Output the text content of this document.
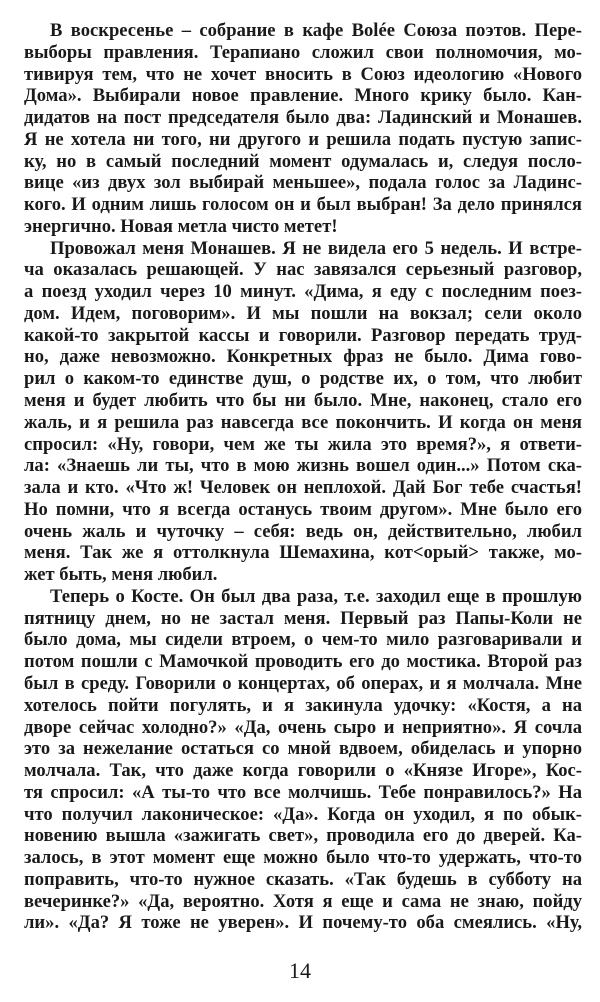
В воскресенье – собрание в кафе Bolée Союза поэтов. Пере-
выборы правления. Терапиано сложил свои полномочия, мо-
тивируя тем, что не хочет вносить в Союз идеологию «Нового
Дома». Выбирали новое правление. Много крику было. Кан-
дидатов на пост председателя было два: Ладинский и Монашев.
Я не хотела ни того, ни другого и решила подать пустую запис-
ку, но в самый последний момент одумалась и, следуя посло-
вице «из двух зол выбирай меньшее», подала голос за Ладинс-
кого. И одним лишь голосом он и был выбран! За дело принялся
энергично. Новая метла чисто метет!
Провожал меня Монашев. Я не видела его 5 недель. И встре-
ча оказалась решающей. У нас завязался серьезный разговор,
а поезд уходил через 10 минут. «Дима, я еду с последним поез-
дом. Идем, поговорим». И мы пошли на вокзал; сели около
какой-то закрытой кассы и говорили. Разговор передать труд-
но, даже невозможно. Конкретных фраз не было. Дима гово-
рил о каком-то единстве душ, о родстве их, о том, что любит
меня и будет любить что бы ни было. Мне, наконец, стало его
жаль, и я решила раз навсегда все покончить. И когда он меня
спросил: «Ну, говори, чем же ты жила это время?», я ответи-
ла: «Знаешь ли ты, что в мою жизнь вошел один...» Потом ска-
зала и кто. «Что ж! Человек он неплохой. Дай Бог тебе счастья!
Но помни, что я всегда останусь твоим другом». Мне было его
очень жаль и чуточку – себя: ведь он, действительно, любил
меня. Так же я оттолкнула Шемахина, кот<орый> также, мо-
жет быть, меня любил.
Теперь о Косте. Он был два раза, т.е. заходил еще в прошлую
пятницу днем, но не застал меня. Первый раз Папы-Коли не
было дома, мы сидели втроем, о чем-то мило разговаривали и
потом пошли с Мамочкой проводить его до мостика. Второй раз
был в среду. Говорили о концертах, об операх, и я молчала. Мне
хотелось пойти погулять, и я закинула удочку: «Костя, а на
дворе сейчас холодно?» «Да, очень сыро и неприятно». Я сочла
это за нежелание остаться со мной вдвоем, обиделась и упорно
молчала. Так, что даже когда говорили о «Князе Игоре», Кос-
тя спросил: «А ты-то что все молчишь. Тебе понравилось?» На
что получил лаконическое: «Да». Когда он уходил, я по обык-
новению вышла «зажигать свет», проводила его до дверей. Ка-
залось, в этот момент еще можно было что-то удержать, что-то
поправить, что-то нужное сказать. «Так будешь в субботу на
вечеринке?» «Да, вероятно. Хотя я еще и сама не знаю, пойду
ли». «Да? Я тоже не уверен». И почему-то оба смеялись. «Ну,
14
